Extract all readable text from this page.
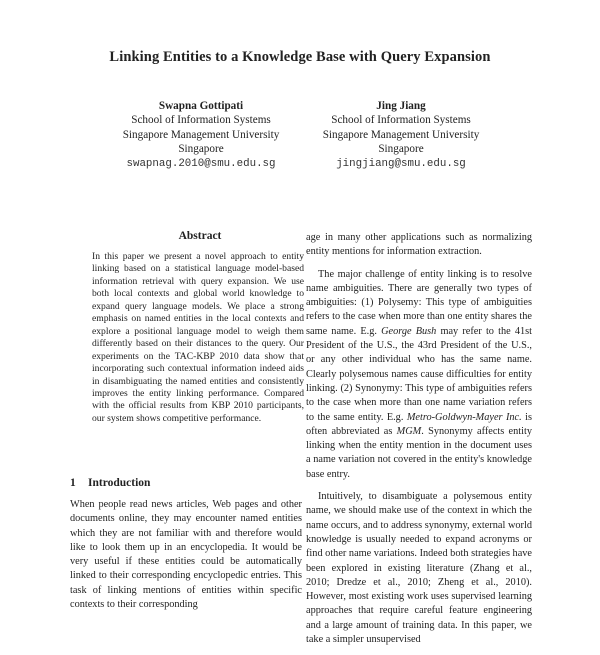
Linking Entities to a Knowledge Base with Query Expansion
Swapna Gottipati
School of Information Systems
Singapore Management University
Singapore
swapnag.2010@smu.edu.sg
Jing Jiang
School of Information Systems
Singapore Management University
Singapore
jingjiang@smu.edu.sg
Abstract
In this paper we present a novel approach to entity linking based on a statistical language model-based information retrieval with query expansion. We use both local contexts and global world knowledge to expand query language models. We place a strong emphasis on named entities in the local contexts and explore a positional language model to weigh them differently based on their distances to the query. Our experiments on the TAC-KBP 2010 data show that incorporating such contextual information indeed aids in disambiguating the named entities and consistently improves the entity linking performance. Compared with the official results from KBP 2010 participants, our system shows competitive performance.
1 Introduction
When people read news articles, Web pages and other documents online, they may encounter named entities which they are not familiar with and therefore would like to look them up in an encyclopedia. It would be very useful if these entities could be automatically linked to their corresponding encyclopedic entries. This task of linking mentions of entities within specific contexts to their corresponding

age in many other applications such as normalizing entity mentions for information extraction.

The major challenge of entity linking is to resolve name ambiguities. There are generally two types of ambiguities: (1) Polysemy: This type of ambiguities refers to the case when more than one entity shares the same name. E.g. George Bush may refer to the 41st President of the U.S., the 43rd President of the U.S., or any other individual who has the same name. Clearly polysemous names cause difficulties for entity linking. (2) Synonymy: This type of ambiguities refers to the case when more than one name variation refers to the same entity. E.g. Metro-Goldwyn-Mayer Inc. is often abbreviated as MGM. Synonymy affects entity linking when the entity mention in the document uses a name variation not covered in the entity's knowledge base entry.

Intuitively, to disambiguate a polysemous entity name, we should make use of the context in which the name occurs, and to address synonymy, external world knowledge is usually needed to expand acronyms or find other name variations. Indeed both strategies have been explored in existing literature (Zhang et al., 2010; Dredze et al., 2010; Zheng et al., 2010). However, most existing work uses supervised learning approaches that require careful feature engineering and a large amount of training data. In this paper, we take a simpler unsupervised
